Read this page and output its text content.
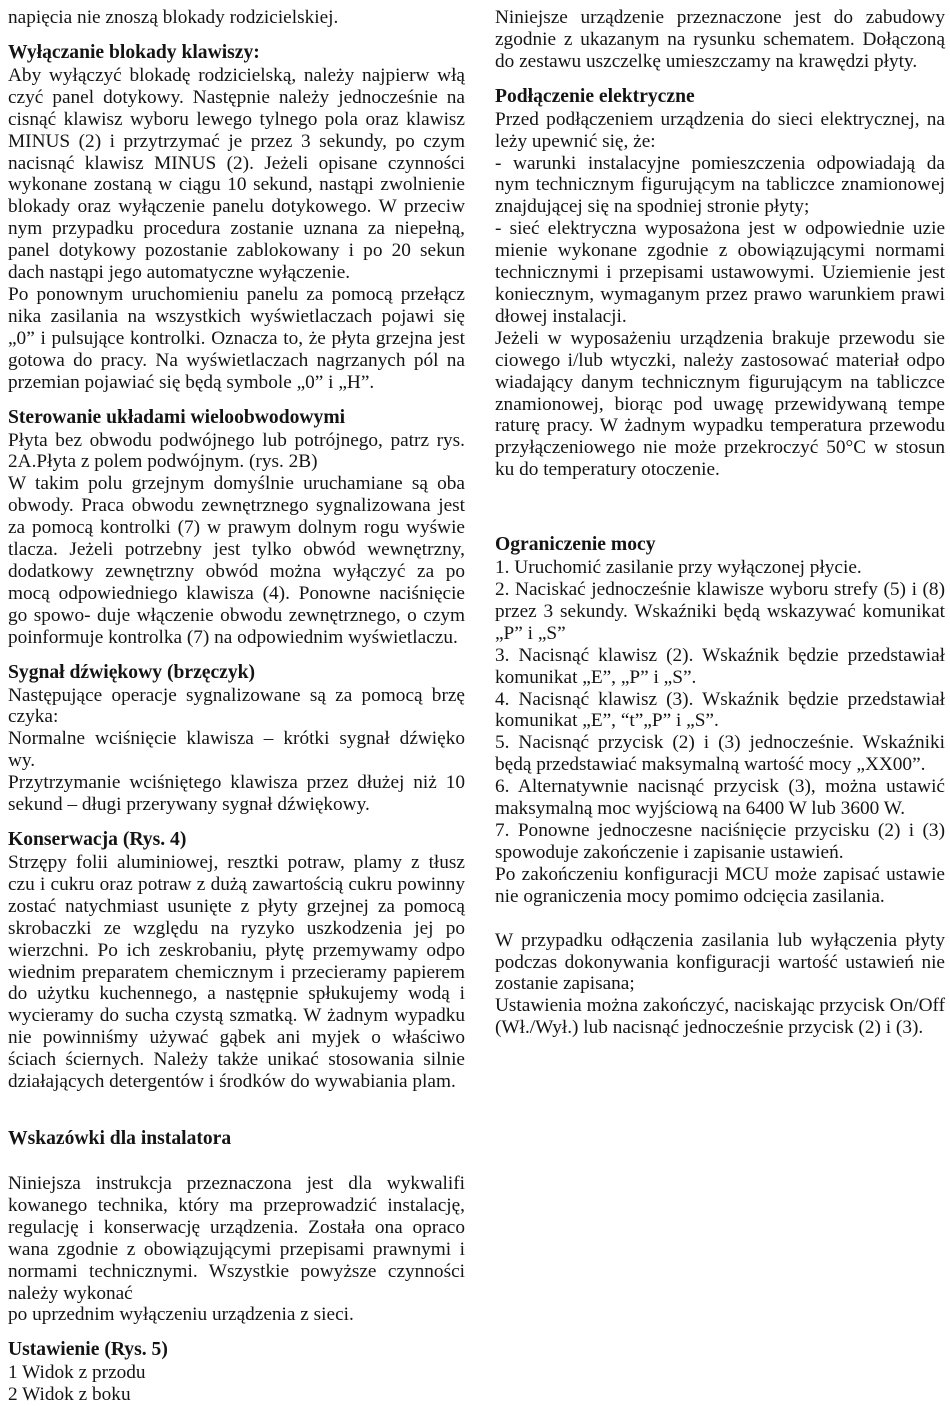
napięcia nie znoszą blokady rodzicielskiej.

Wyłączanie blokady klawiszy:

Aby wyłączyć blokadę rodzicielską, należy najpierw włą czyć panel dotykowy. Następnie należy jednocześnie na cisnąć klawisz wyboru lewego tylnego pola oraz klawisz MINUS (2) i przytrzymać je przez 3 sekundy, po czym nacisnąć klawisz MINUS (2). Jeżeli opisane czynności wykonane zostaną w ciągu 10 sekund, nastąpi zwolnienie blokady oraz wyłączenie panelu dotykowego. W przeciw nym przypadku procedura zostanie uznana za niepełną, panel dotykowy pozostanie zablokowany i po 20 sekun dach nastąpi jego automatyczne wyłączenie.

Po ponownym uruchomieniu panelu za pomocą przełącz nika zasilania na wszystkich wyświetlaczach pojawi się „0” i pulsujące kontrolki. Oznacza to, że płyta grzejna jest gotowa do pracy. Na wyświetlaczach nagrzanych pól na przemian pojawiać się będą symbole „0” i „H”.

Sterowanie układami wieloobwodowymi

Płyta bez obwodu podwójnego lub potrójnego, patrz rys. 2A.Płyta z polem podwójnym. (rys. 2B)

W takim polu grzejnym domyślnie uruchamiane są oba obwody. Praca obwodu zewnętrznego sygnalizowana jest za pomocą kontrolki (7) w prawym dolnym rogu wyświe tlacza. Jeżeli potrzebny jest tylko obwód wewnętrzny, dodatkowy zewnętrzny obwód można wyłączyć za po mocą odpowiedniego klawisza (4). Ponowne naciśnięcie go spowo- duje włączenie obwodu zewnętrznego, o czym poinformuje kontrolka (7) na odpowiednim wyświetlaczu.

Sygnał dźwiękowy (brzęczyk)

Następujące operacje sygnalizowane są za pomocą brzę czyka:

Normalne wciśnięcie klawisza – krótki sygnał dźwięko wy.

Przytrzymanie wciśniętego klawisza przez dłużej niż 10 sekund – długi przerywany sygnał dźwiękowy.

Konserwacja (Rys. 4)

Strzępy folii aluminiowej, resztki potraw, plamy z tłusz czu i cukru oraz potraw z dużą zawartością cukru powinny zostać natychmiast usunięte z płyty grzejnej za pomocą skrobaczki ze względu na ryzyko uszkodzenia jej po wierzchni. Po ich zeskrobaniu, płytę przemywamy odpo wiednim preparatem chemicznym i przecieramy papierem do użytku kuchennego, a następnie spłukujemy wodą i wycieramy do sucha czystą szmatką. W żadnym wypadku nie powinniśmy używać gąbek ani myjek o właściwo ściach ściernych. Należy także unikać stosowania silnie działających detergentów i środków do wywabiania plam.

Wskazówki dla instalatora

Niniejsza instrukcja przeznaczona jest dla wykwalifi kowanego technika, który ma przeprowadzić instalację, regulację i konserwację urządzenia. Została ona opraco wana zgodnie z obowiązującymi przepisami prawnymi i normami technicznymi. Wszystkie powyższe czynności należy wykonać

po uprzednim wyłączeniu urządzenia z sieci.

Ustawienie (Rys. 5)

1 Widok z przodu

2 Widok z boku

Niniejsze urządzenie przeznaczone jest do zabudowy zgodnie z ukazanym na rysunku schematem. Dołączoną do zestawu uszczelkę umieszczamy na krawędzi płyty.

Podłączenie elektryczne

Przed podłączeniem urządzenia do sieci elektrycznej, na leży upewnić się, że:

- warunki instalacyjne pomieszczenia odpowiadają da nym technicznym figurującym na tabliczce znamionowej znajdującej się na spodniej stronie płyty;

- sieć elektryczna wyposażona jest w odpowiednie uzie mienie wykonane zgodnie z obowiązującymi normami technicznymi i przepisami ustawowymi. Uziemienie jest koniecznym, wymaganym przez prawo warunkiem prawi dłowej instalacji.

Jeżeli w wyposażeniu urządzenia brakuje przewodu sie ciowego i/lub wtyczki, należy zastosować materiał odpo wiadający danym technicznym figurującym na tabliczce znamionowej, biorąc pod uwagę przewidywaną tempe raturę pracy. W żadnym wypadku temperatura przewodu przyłączeniowego nie może przekroczyć 50°C w stosun ku do temperatury otoczenie.

Ograniczenie mocy

1. Uruchomić zasilanie przy wyłączonej płycie.

2. Naciskać jednocześnie klawisze wyboru strefy (5) i (8) przez 3 sekundy. Wskaźniki będą wskazywać komunikat „P” i „S”

3. Nacisnąć klawisz (2). Wskaźnik będzie przedstawiał komunikat „E”, „P” i „S”.

4. Nacisnąć klawisz (3). Wskaźnik będzie przedstawiał komunikat „E”, “t”„P” i „S”.

5. Nacisnąć przycisk (2) i (3) jednocześnie. Wskaźniki będą przedstawiać maksymalną wartość mocy „XX00”.

6. Alternatywnie nacisnąć przycisk (3), można ustawić maksymalną moc wyjściową na 6400 W lub 3600 W.

7. Ponowne jednoczesne naciśnięcie przycisku (2) i (3) spowoduje zakończenie i zapisanie ustawień.

Po zakończeniu konfiguracji MCU może zapisać ustawie nie ograniczenia mocy pomimo odcięcia zasilania.

W przypadku odłączenia zasilania lub wyłączenia płyty podczas dokonywania konfiguracji wartość ustawień nie zostanie zapisana;

Ustawienia można zakończyć, naciskając przycisk On/Off (Wł./Wył.) lub nacisnąć jednocześnie przycisk (2) i (3).
